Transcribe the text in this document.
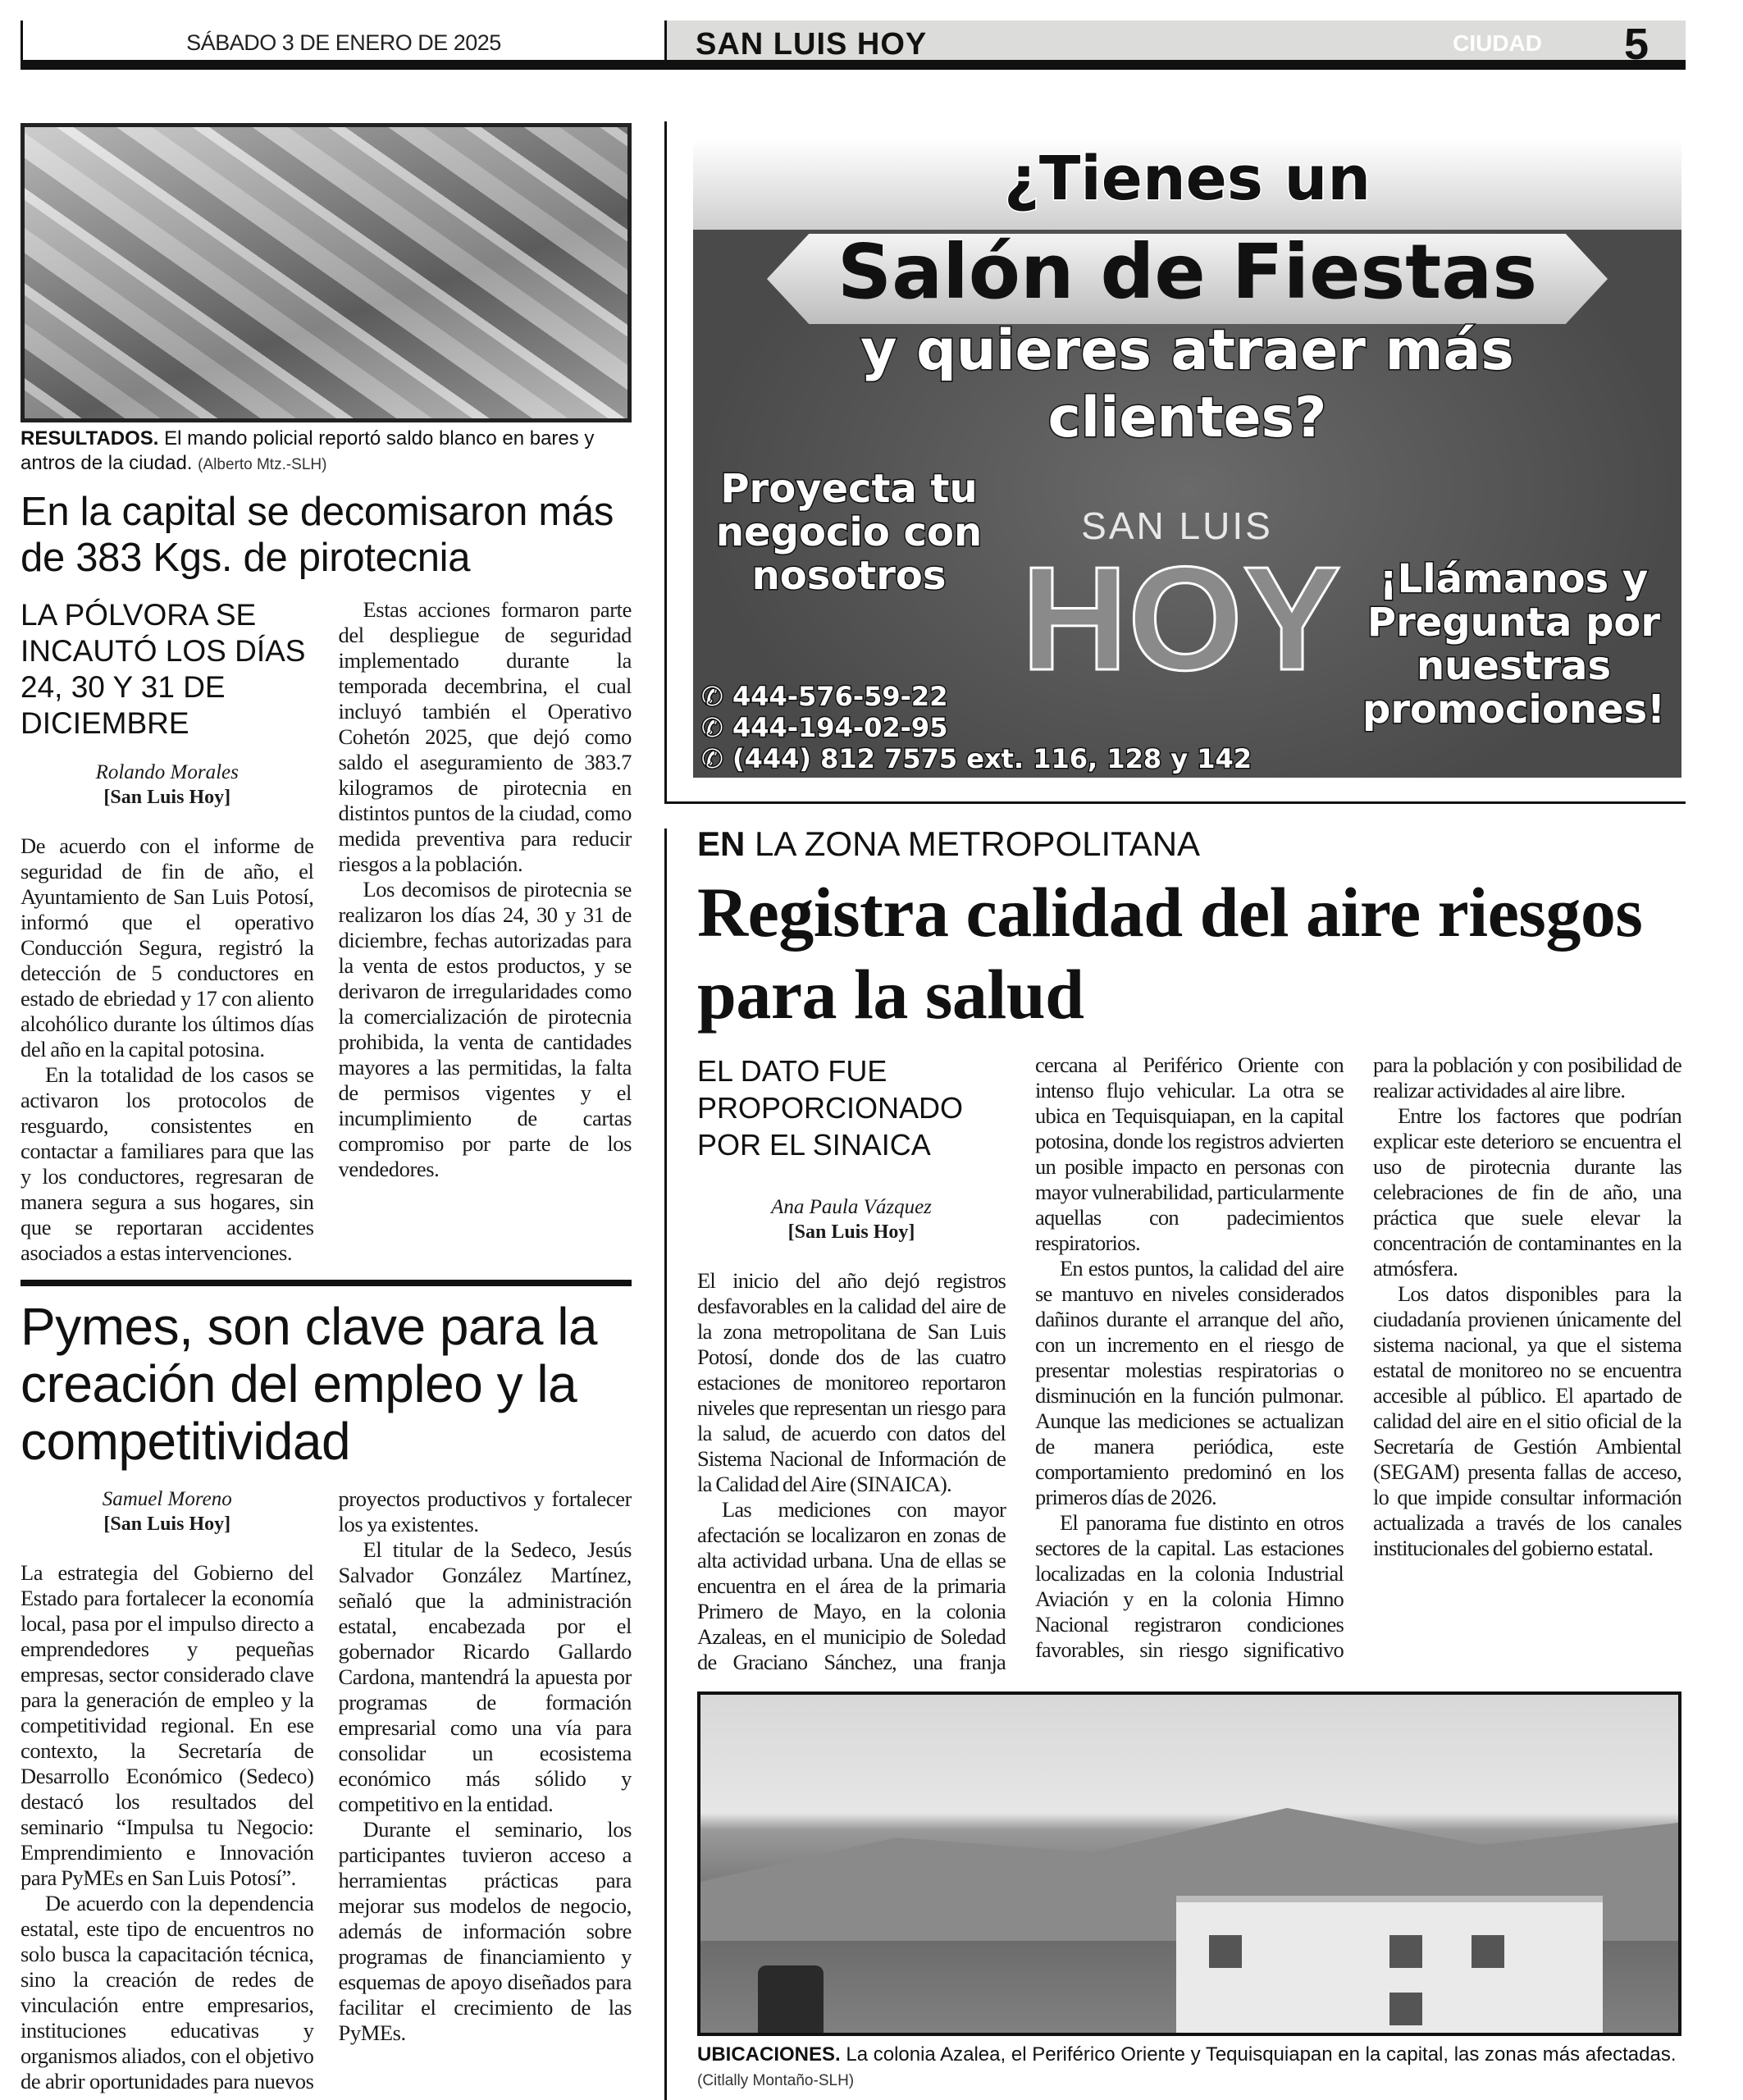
SÁBADO 3 DE ENERO DE 2025	SAN LUIS HOY	CIUDAD 5
RESULTADOS. El mando policial reportó saldo blanco en bares y antros de la ciudad. (Alberto Mtz.-SLH)
En la capital se decomisaron más de 383 Kgs. de pirotecnia
LA PÓLVORA SE INCAUTÓ LOS DÍAS 24, 30 Y 31 DE DICIEMBRE
Rolando Morales
[San Luis Hoy]

De acuerdo con el informe de seguridad de fin de año, el Ayuntamiento de San Luis Potosí, informó que el operativo Conducción Segura, registró la detección de 5 conductores en estado de ebriedad y 17 con aliento alcohólico durante los últimos días del año en la capital potosina.

En la totalidad de los casos se activaron los protocolos de resguardo, consistentes en contactar a familiares para que las y los conductores, regresaran de manera segura a sus hogares, sin que se reportaran accidentes asociados a estas intervenciones.

Estas acciones formaron parte del despliegue de seguridad implementado durante la temporada decembrina, el cual incluyó también el Operativo Cohetón 2025, que dejó como saldo el aseguramiento de 383.7 kilogramos de pirotecnia en distintos puntos de la ciudad, como medida preventiva para reducir riesgos a la población.

Los decomisos de pirotecnia se realizaron los días 24, 30 y 31 de diciembre, fechas autorizadas para la venta de estos productos, y se derivaron de irregularidades como la comercialización de pirotecnia prohibida, la venta de cantidades mayores a las permitidas, la falta de permisos vigentes y el incumplimiento de cartas compromiso por parte de los vendedores.

Pymes, son clave para la creación del empleo y la competitividad
Samuel Moreno
[San Luis Hoy]

La estrategia del Gobierno del Estado para fortalecer la economía local, pasa por el impulso directo a emprendedores y pequeñas empresas, sector considerado clave para la generación de empleo y la competitividad regional. En ese contexto, la Secretaría de Desarrollo Económico (Sedeco) destacó los resultados del seminario “Impulsa tu Negocio: Emprendimiento e Innovación para PyMEs en San Luis Potosí”.

De acuerdo con la dependencia estatal, este tipo de encuentros no solo busca la capacitación técnica, sino la creación de redes de vinculación entre empresarios, instituciones educativas y organismos aliados, con el objetivo de abrir oportunidades para nuevos proyectos productivos y fortalecer los ya existentes.

El titular de la Sedeco, Jesús Salvador González Martínez, señaló que la administración estatal, encabezada por el gobernador Ricardo Gallardo Cardona, mantendrá la apuesta por programas de formación empresarial como una vía para consolidar un ecosistema económico más sólido y competitivo en la entidad.

Durante el seminario, los participantes tuvieron acceso a herramientas prácticas para mejorar sus modelos de negocio, además de información sobre programas de financiamiento y esquemas de apoyo diseñados para facilitar el crecimiento de las PyMEs.

¿Tienes un
Salón de Fiestas
y quieres atraer más
clientes?
Proyecta tu negocio con nosotros
SAN LUIS
HOY ¡Llámanos y Pregunta por nuestras promociones!
✆ 444-576-59-22
✆ 444-194-02-95
✆ (444) 812 7575 ext. 116, 128 y 142
EN LA ZONA METROPOLITANA
Registra calidad del aire riesgos para la salud
EL DATO FUE PROPORCIONADO POR EL SINAICA
Ana Paula Vázquez
[San Luis Hoy]

El inicio del año dejó registros desfavorables en la calidad del aire de la zona metropolitana de San Luis Potosí, donde dos de las cuatro estaciones de monitoreo reportaron niveles que representan un riesgo para la salud, de acuerdo con datos del Sistema Nacional de Información de la Calidad del Aire (SINAICA).

Las mediciones con mayor afectación se localizaron en zonas de alta actividad urbana. Una de ellas se encuentra en el área de la primaria Primero de Mayo, en la colonia Azaleas, en el municipio de Soledad de Graciano Sánchez, una franja cercana al Periférico Oriente con intenso flujo vehicular. La otra se ubica en Tequisquiapan, en la capital potosina, donde los registros advierten un posible impacto en personas con mayor vulnerabilidad, particularmente aquellas con padecimientos respiratorios.

En estos puntos, la calidad del aire se mantuvo en niveles considerados dañinos durante el arranque del año, con un incremento en el riesgo de presentar molestias respiratorias o disminución en la función pulmonar. Aunque las mediciones se actualizan de manera periódica, este comportamiento predominó en los primeros días de 2026.

El panorama fue distinto en otros sectores de la capital. Las estaciones localizadas en la colonia Industrial Aviación y en la colonia Himno Nacional registraron condiciones favorables, sin riesgo significativo para la población y con posibilidad de realizar actividades al aire libre.

Entre los factores que podrían explicar este deterioro se encuentra el uso de pirotecnia durante las celebraciones de fin de año, una práctica que suele elevar la concentración de contaminantes en la atmósfera.

Los datos disponibles para la ciudadanía provienen únicamente del sistema nacional, ya que el sistema estatal de monitoreo no se encuentra accesible al público. El apartado de calidad del aire en el sitio oficial de la Secretaría de Gestión Ambiental (SEGAM) presenta fallas de acceso, lo que impide consultar información actualizada a través de los canales institucionales del gobierno estatal.

UBICACIONES. La colonia Azalea, el Periférico Oriente y Tequisquiapan en la capital, las zonas más afectadas. (Citlally Montaño-SLH)
